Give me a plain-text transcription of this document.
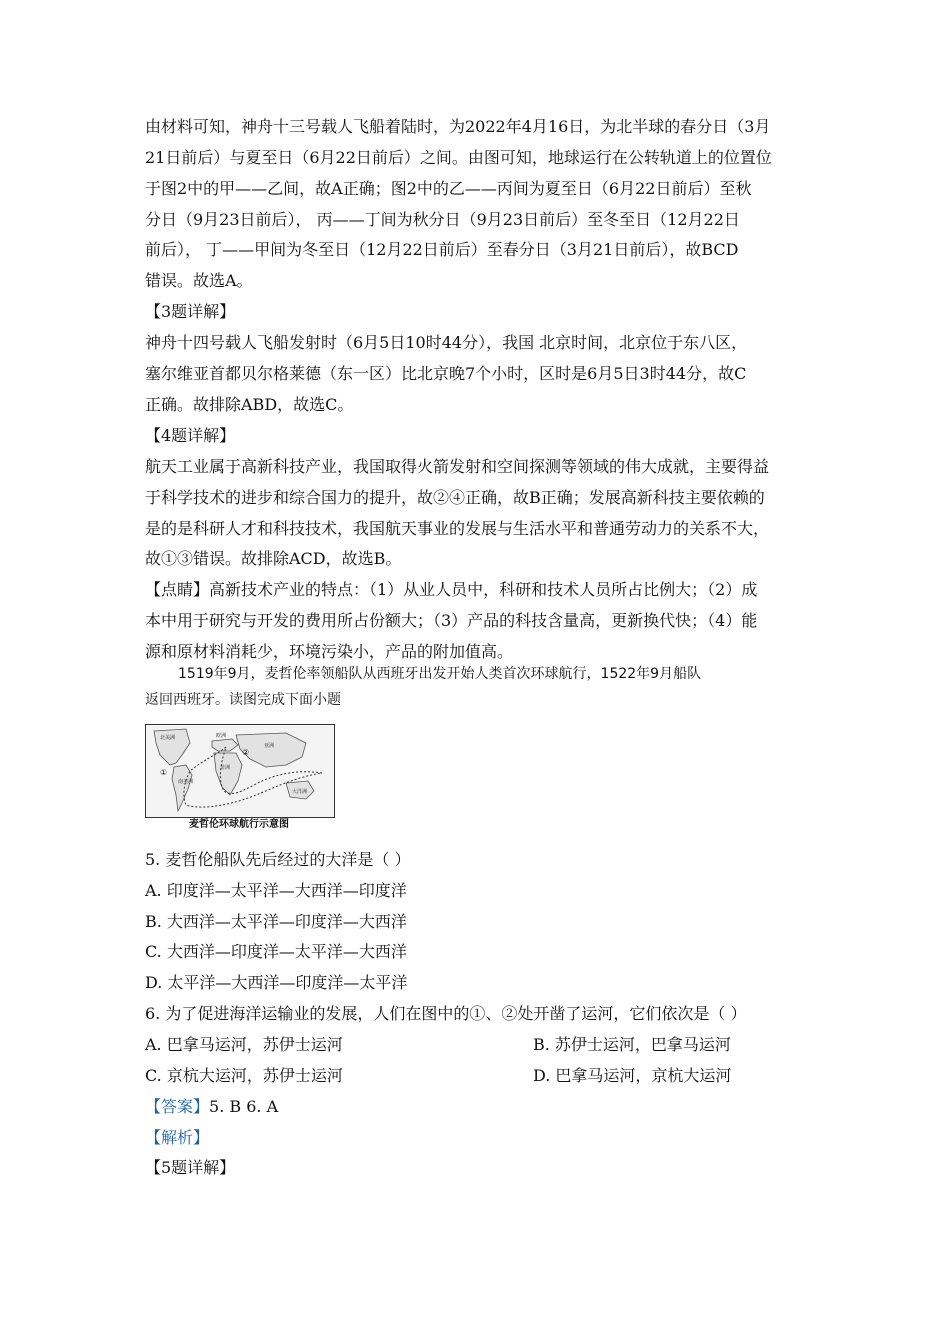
由材料可知，神舟十三号载人飞船着陆时，为2022年4月16日，为北半球的春分日（3月
21日前后）与夏至日（6月22日前后）之间。由图可知，地球运行在公转轨道上的位置位
于图2中的甲——乙间，故A正确；图2中的乙——丙间为夏至日（6月22日前后）至秋
分日（9月23日前后）， 丙——丁间为秋分日（9月23日前后）至冬至日（12月22日
前后）， 丁——甲间为冬至日（12月22日前后）至春分日（3月21日前后），故BCD
错误。故选A。
【3题详解】
神舟十四号载人飞船发射时（6月5日10时44分），我国 北京时间，北京位于东八区，
塞尔维亚首都贝尔格莱德（东一区）比北京晚7个小时，区时是6月5日3时44分，故C
正确。故排除ABD，故选C。
【4题详解】
航天工业属于高新科技产业，我国取得火箭发射和空间探测等领域的伟大成就，主要得益
于科学技术的进步和综合国力的提升，故②④正确，故B正确；发展高新科技主要依赖的
是的是科研人才和科技技术，我国航天事业的发展与生活水平和普通劳动力的关系不大，
故①③错误。故排除ACD，故选B。
【点睛】高新技术产业的特点：（1）从业人员中，科研和技术人员所占比例大；（2）成
本中用于研究与开发的费用所占份额大；（3）产品的科技含量高，更新换代快；（4）能
源和原材料消耗少，环境污染小，产品的附加值高。
1519年9月，麦哲伦率领船队从西班牙出发开始人类首次环球航行，1522年9月船队
返回西班牙。读图完成下面小题
北美洲
南美洲
非洲
亚洲
欧洲
大洋洲
①
②
麦哲伦环球航行示意图
5. 麦哲伦船队先后经过的大洋是（ ）
A. 印度洋—太平洋—大西洋—印度洋
B. 大西洋—太平洋—印度洋—大西洋
C. 大西洋—印度洋—太平洋—大西洋
D. 太平洋—大西洋—印度洋—太平洋
6. 为了促进海洋运输业的发展，人们在图中的①、②处开凿了运河，它们依次是（ ）
A. 巴拿马运河，苏伊士运河	B. 苏伊士运河，巴拿马运河
C. 京杭大运河，苏伊士运河	D. 巴拿马运河，京杭大运河
【答案】5. B 6. A
【解析】
【5题详解】
